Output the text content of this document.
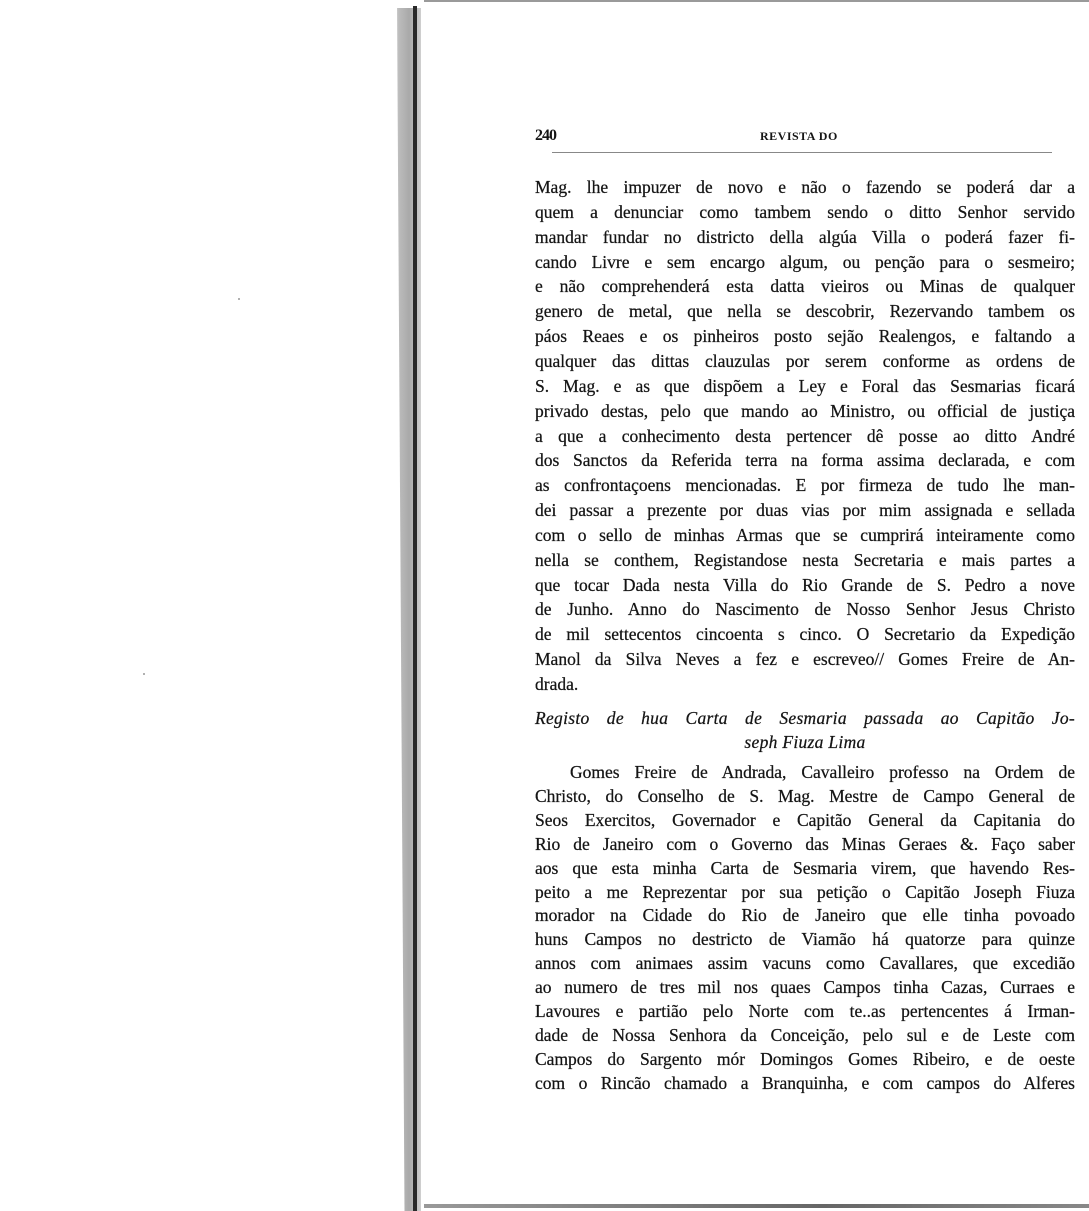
240	REVISTA DO
Mag. lhe impuzer de novo e não o fazendo se poderá dar a
quem a denunciar como tambem sendo o ditto Senhor servido
mandar fundar no districto della algúa Villa o poderá fazer fi-
cando Livre e sem encargo algum, ou penção para o sesmeiro;
e não comprehenderá esta datta vieiros ou Minas de qualquer
genero de metal, que nella se descobrir, Rezervando tambem os
páos Reaes e os pinheiros posto sejão Realengos, e faltando a
qualquer das dittas clauzulas por serem conforme as ordens de
S. Mag. e as que dispõem a Ley e Foral das Sesmarias ficará
privado destas, pelo que mando ao Ministro, ou official de justiça
a que a conhecimento desta pertencer dê posse ao ditto André
dos Sanctos da Referida terra na forma assima declarada, e com
as confrontaçoens mencionadas. E por firmeza de tudo lhe man-
dei passar a prezente por duas vias por mim assignada e sellada
com o sello de minhas Armas que se cumprirá inteiramente como
nella se conthem, Registandose nesta Secretaria e mais partes a
que tocar Dada nesta Villa do Rio Grande de S. Pedro a nove
de Junho. Anno do Nascimento de Nosso Senhor Jesus Christo
de mil settecentos cincoenta s cinco. O Secretario da Expedição
Manol da Silva Neves a fez e escreveo// Gomes Freire de An-
drada.
Registo de hua Carta de Sesmaria passada ao Capitão Jo-
seph Fiuza Lima
Gomes Freire de Andrada, Cavalleiro professo na Ordem de
Christo, do Conselho de S. Mag. Mestre de Campo General de
Seos Exercitos, Governador e Capitão General da Capitania do
Rio de Janeiro com o Governo das Minas Geraes &. Faço saber
aos que esta minha Carta de Sesmaria virem, que havendo Res-
peito a me Reprezentar por sua petição o Capitão Joseph Fiuza
morador na Cidade do Rio de Janeiro que elle tinha povoado
huns Campos no destricto de Viamão há quatorze para quinze
annos com animaes assim vacuns como Cavallares, que excedião
ao numero de tres mil nos quaes Campos tinha Cazas, Curraes e
Lavoures e partião pelo Norte com te..as pertencentes á Irman-
dade de Nossa Senhora da Conceição, pelo sul e de Leste com
Campos do Sargento mór Domingos Gomes Ribeiro, e de oeste
com o Rincão chamado a Branquinha, e com campos do Alferes
